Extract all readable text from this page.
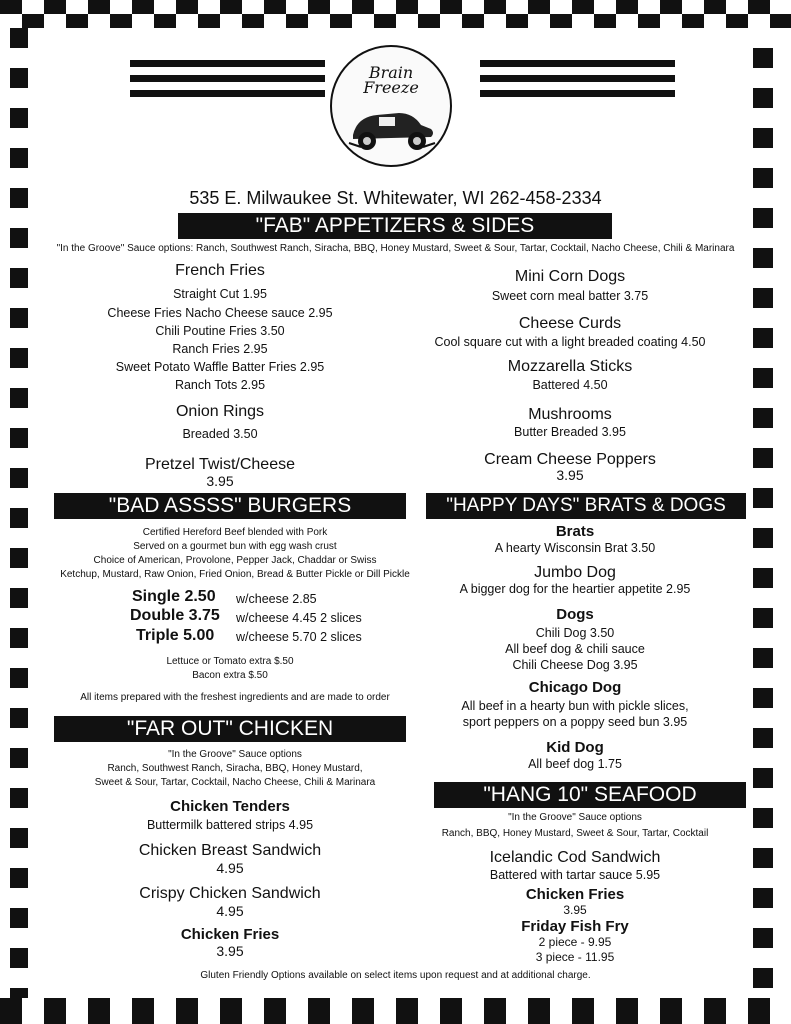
Brain
Freeze
535 E. Milwaukee St. Whitewater, WI 262-458-2334
"FAB" APPETIZERS & SIDES
"In the Groove" Sauce options: Ranch, Southwest Ranch, Siracha, BBQ, Honey Mustard, Sweet & Sour, Tartar, Cocktail, Nacho Cheese, Chili & Marinara
French Fries
Straight Cut 1.95
Cheese Fries Nacho Cheese sauce 2.95
Chili Poutine Fries 3.50
Ranch Fries 2.95
Sweet Potato Waffle Batter Fries 2.95
Ranch Tots 2.95
Onion Rings
Breaded 3.50
Pretzel Twist/Cheese
3.95
Mini Corn Dogs
Sweet corn meal batter 3.75
Cheese Curds
Cool square cut with a light breaded coating 4.50
Mozzarella Sticks
Battered 4.50
Mushrooms
Butter Breaded 3.95
Cream Cheese Poppers
3.95
"BAD ASSSS" BURGERS
Certified Hereford Beef blended with Pork
Served on a gourmet bun with egg wash crust
Choice of American, Provolone, Pepper Jack, Chaddar or Swiss
Ketchup, Mustard, Raw Onion, Fried Onion, Bread & Butter Pickle or Dill Pickle
Single 2.50 w/cheese 2.85
Double 3.75 w/cheese 4.45 2 slices
Triple 5.00 w/cheese 5.70 2 slices
Lettuce or Tomato extra $.50
Bacon extra $.50
All items prepared with the freshest ingredients and are made to order
"HAPPY DAYS" BRATS & DOGS
Brats
A hearty Wisconsin Brat 3.50
Jumbo Dog
A bigger dog for the heartier appetite 2.95
Dogs
Chili Dog 3.50
All beef dog & chili sauce
Chili Cheese Dog 3.95
Chicago Dog
All beef in a hearty bun with pickle slices,
sport peppers on a poppy seed bun 3.95
Kid Dog
All beef dog 1.75
"FAR OUT" CHICKEN
"In the Groove" Sauce options
Ranch, Southwest Ranch, Siracha, BBQ, Honey Mustard,
Sweet & Sour, Tartar, Cocktail, Nacho Cheese, Chili & Marinara
Chicken Tenders
Buttermilk battered strips 4.95
Chicken Breast Sandwich
4.95
Crispy Chicken Sandwich
4.95
Chicken Fries
3.95
"HANG 10" SEAFOOD
"In the Groove" Sauce options
Ranch, BBQ, Honey Mustard, Sweet & Sour, Tartar, Cocktail
Icelandic Cod Sandwich
Battered with tartar sauce 5.95
Chicken Fries
3.95
Friday Fish Fry
2 piece - 9.95
3 piece - 11.95
Gluten Friendly Options available on select items upon request and at additional charge.
